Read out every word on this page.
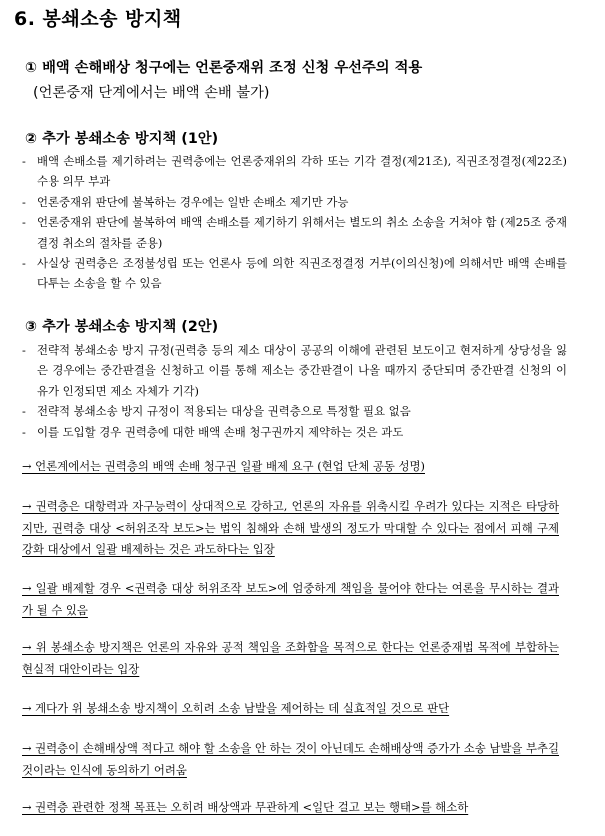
6. 봉쇄소송 방지책

① 배액 손해배상 청구에는 언론중재위 조정 신청 우선주의 적용

(언론중재 단계에서는 배액 손배 불가)

② 추가 봉쇄소송 방지책 (1안)

- 배액 손배소를 제기하려는 권력층에는 언론중재위의 각하 또는 기각 결정(제21조), 직권조정결정(제22조) 수용 의무 부과
- 언론중재위 판단에 불복하는 경우에는 일반 손배소 제기만 가능
- 언론중재위 판단에 불복하여 배액 손배소를 제기하기 위해서는 별도의 취소 소송을 거쳐야 함 (제25조 중재결정 취소의 절차를 준용)
- 사실상 권력층은 조정불성립 또는 언론사 등에 의한 직권조정결정 거부(이의신청)에 의해서만 배액 손배를 다투는 소송을 할 수 있음

③ 추가 봉쇄소송 방지책 (2안)

- 전략적 봉쇄소송 방지 규정(권력층 등의 제소 대상이 공공의 이해에 관련된 보도이고 현저하게 상당성을 잃은 경우에는 중간판결을 신청하고 이를 통해 제소는 중간판결이 나올 때까지 중단되며 중간판결 신청의 이유가 인정되면 제소 자체가 기각)
- 전략적 봉쇄소송 방지 규정이 적용되는 대상을 권력층으로 특정할 필요 없음
- 이를 도입할 경우 권력층에 대한 배액 손배 청구권까지 제약하는 것은 과도

→ 언론계에서는 권력층의 배액 손배 청구권 일괄 배제 요구 (현업 단체 공동 성명)

→ 권력층은 대항력과 자구능력이 상대적으로 강하고, 언론의 자유를 위축시킬 우려가 있다는 지적은 타당하지만, 권력층 대상 <허위조작 보도>는 법익 침해와 손해 발생의 정도가 막대할 수 있다는 점에서 피해 구제 강화 대상에서 일괄 배제하는 것은 과도하다는 입장

→ 일괄 배제할 경우 <권력층 대상 허위조작 보도>에 엄중하게 책임을 물어야 한다는 여론을 무시하는 결과가 될 수 있음

→ 위 봉쇄소송 방지책은 언론의 자유와 공적 책임을 조화함을 목적으로 한다는 언론중재법 목적에 부합하는 현실적 대안이라는 입장

→ 게다가 위 봉쇄소송 방지책이 오히려 소송 남발을 제어하는 데 실효적일 것으로 판단

→ 권력층이 손해배상액 적다고 해야 할 소송을 안 하는 것이 아닌데도 손해배상액 증가가 소송 남발을 부추길 것이라는 인식에 동의하기 어려움

→ 권력층 관련한 정책 목표는 오히려 배상액과 무관하게 <일단 걸고 보는 행태>를 해소하
